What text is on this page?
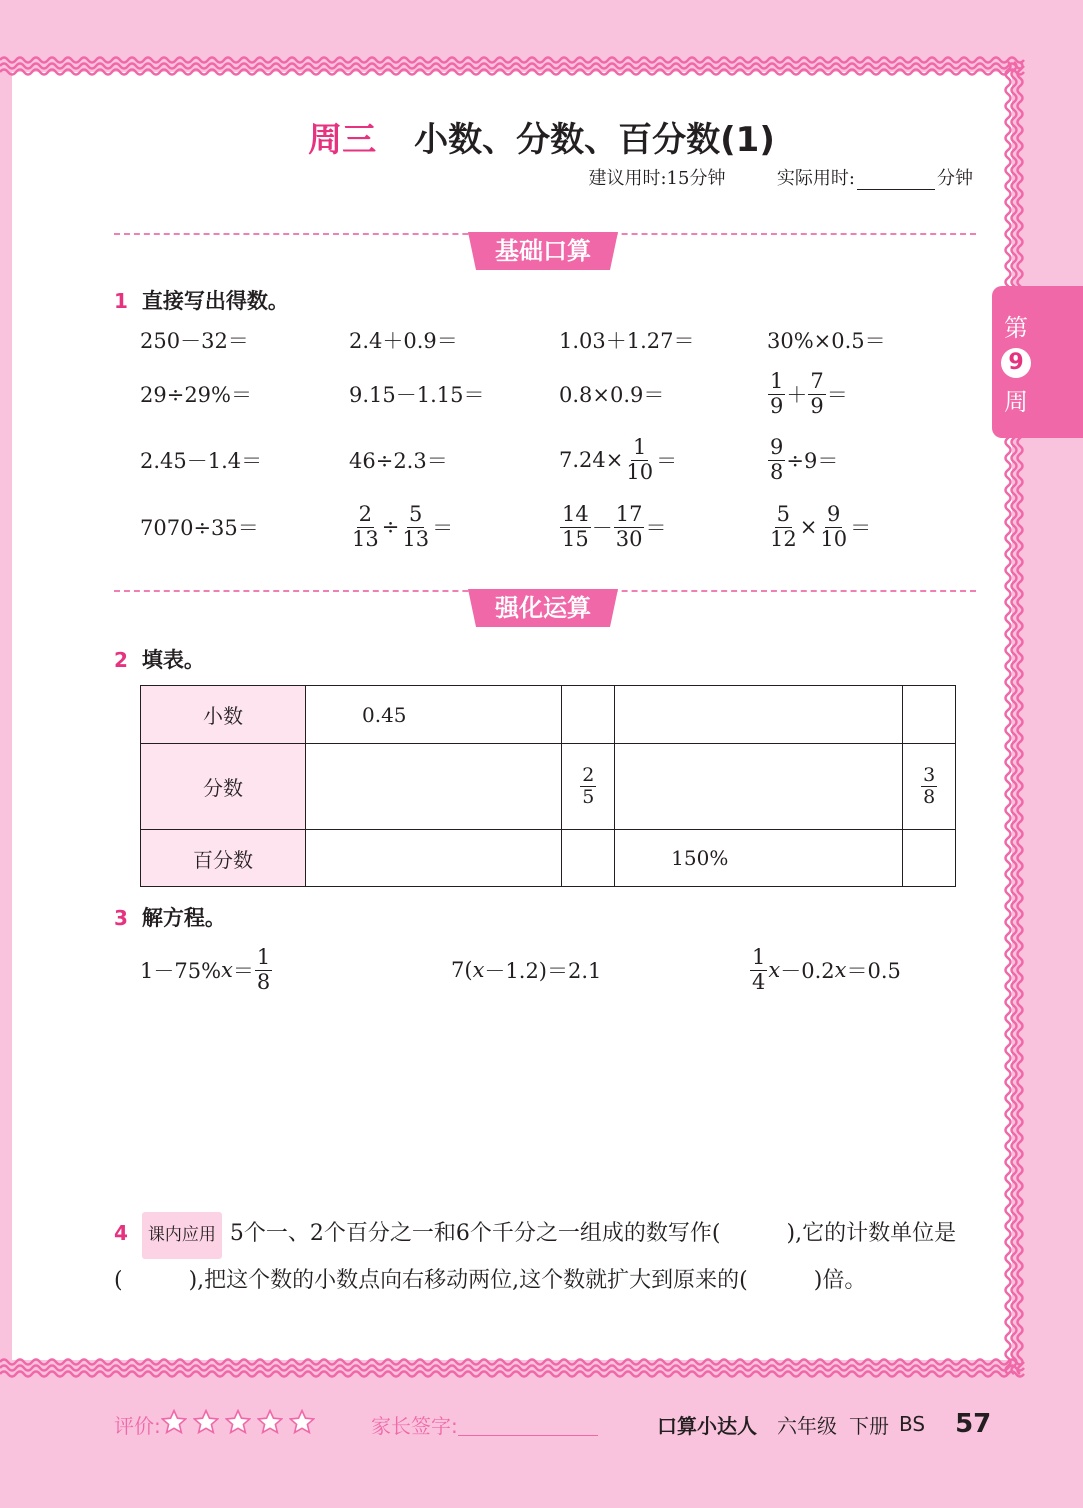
周三 小数、分数、百分数(1)
建议用时:15分钟	实际用时:	分钟
第
9
周
基础口算
1 直接写出得数。
250－32＝	2.4＋0.9＝	1.03＋1.27＝	30%×0.5＝
29÷29%＝	9.15－1.15＝	0.8×0.9＝	$\frac{1}{9} + \frac{7}{9}$ ＝
2.45－1.4＝	46÷2.3＝	$7.24\times \frac{1}{10}$ ＝	$\frac{9}{8} \div 9=$
7070÷35＝	$\frac{2}{13} \div \frac{5}{13}$ ＝	$\frac{14}{15} - \frac{17}{30}$ ＝	$\frac{5}{12} \times \frac{9}{10}$ ＝
强化运算
2 填表。
小数	0.45			
分数		$\frac{2}{5}$		$\frac{3}{8}$

百分数			150%	
3 解方程。
1－75% $x = \frac{1}{8}$	7( x －1.2)＝2.1	$\frac{1}{4}$ x －0.2 x ＝0.5
4 课内应用 5个一、2个百分之一和6个千分之一组成的数写作(　　　),它的计数单位是(　　　),把这个数的小数点向右移动两位,这个数就扩大到原来的(　　　)倍。
评价:	家长签字:	口算小达人 六年级 下册 BS 57
